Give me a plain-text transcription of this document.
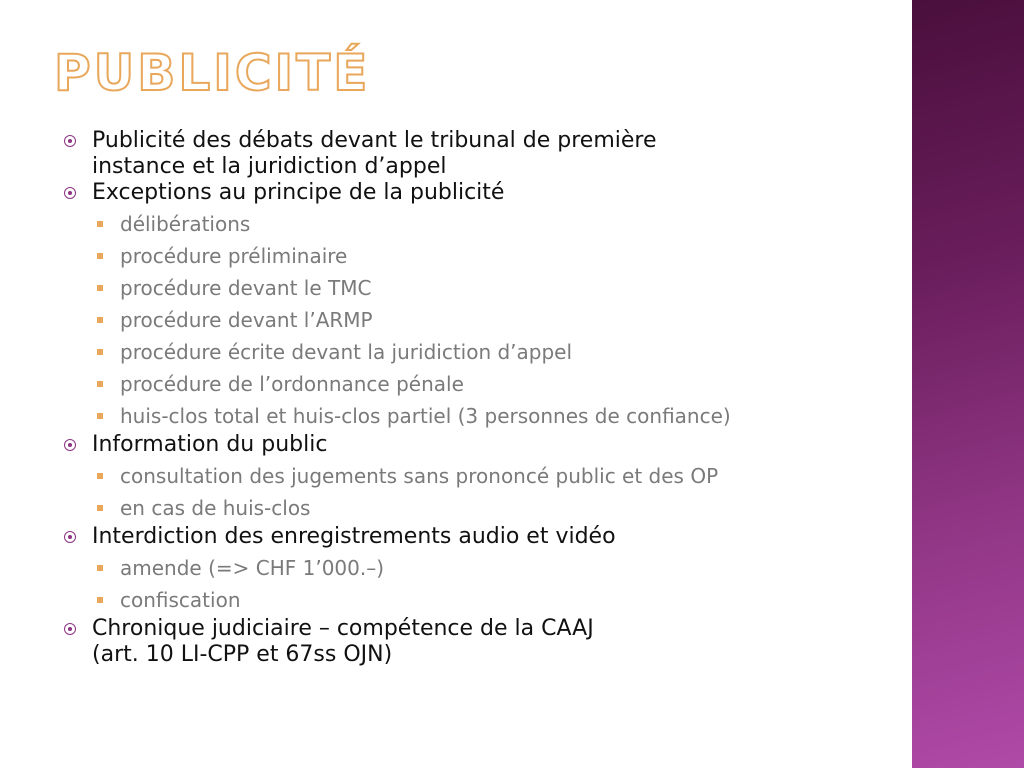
PUBLICITÉ
Publicité des débats devant le tribunal de première
instance et la juridiction d’appel
Exceptions au principe de la publicité
délibérations
procédure préliminaire
procédure devant le TMC
procédure devant l’ARMP
procédure écrite devant la juridiction d’appel
procédure de l’ordonnance pénale
huis-clos total et huis-clos partiel (3 personnes de confiance)
Information du public
consultation des jugements sans prononcé public et des OP
en cas de huis-clos
Interdiction des enregistrements audio et vidéo
amende (=> CHF 1’000.–)
confiscation
Chronique judiciaire – compétence de la CAAJ
(art. 10 LI-CPP et 67ss OJN)
